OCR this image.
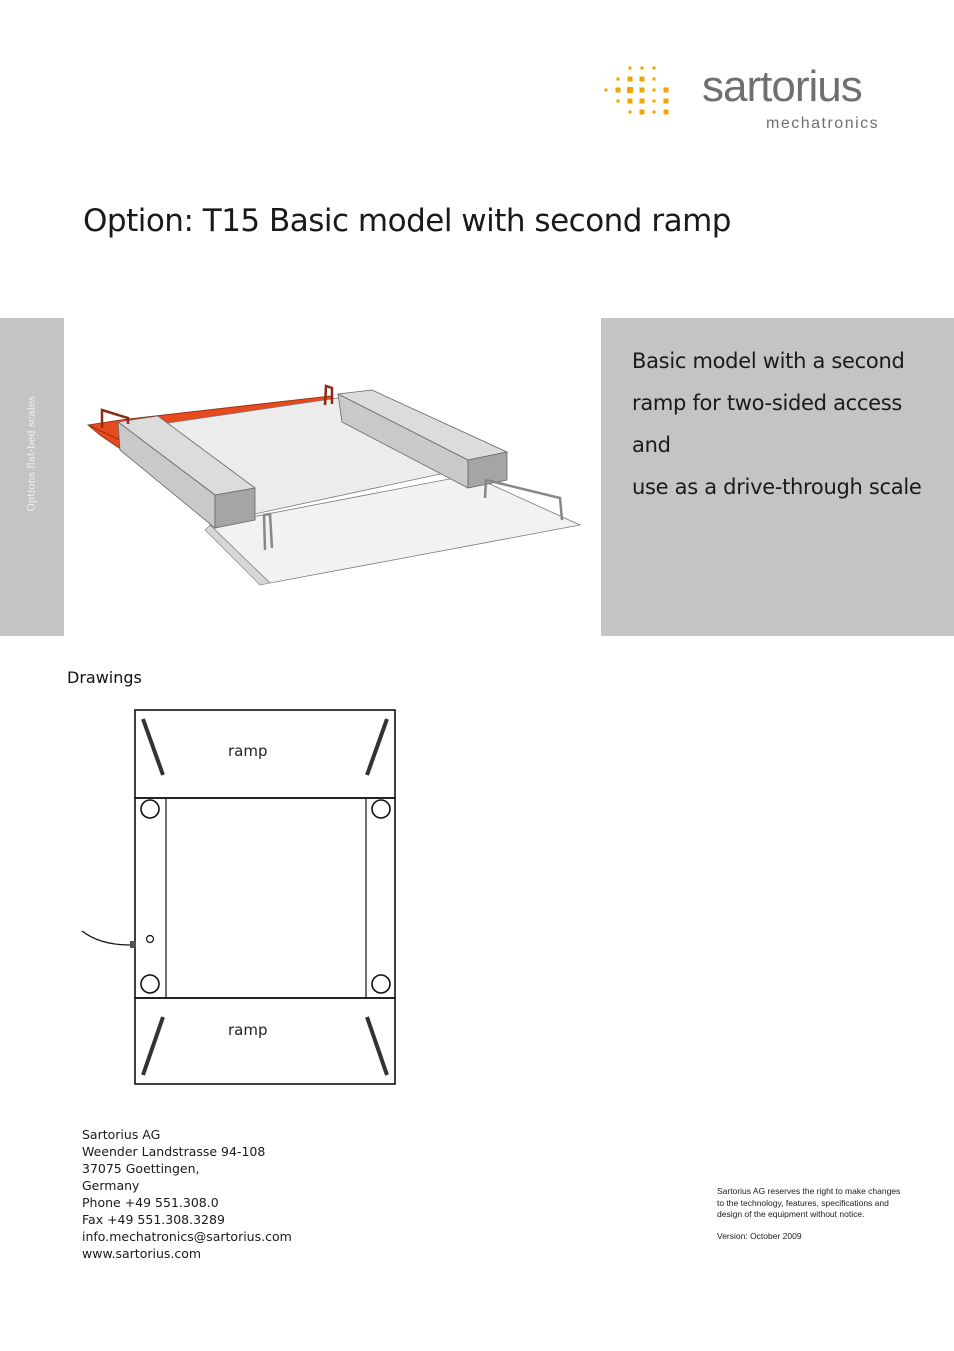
sartorius
mechatronics
Option: T15 Basic model with second ramp
Options flat-bed scales
Basic model with a second
ramp for two-sided access and
use as a drive-through scale
Drawings
ramp
ramp
Sartorius AG
Weender Landstrasse 94-108
37075 Goettingen,
Germany
Phone +49 551.308.0
Fax +49 551.308.3289
info.mechatronics@sartorius.com
www.sartorius.com
Sartorius AG reserves the right to make changes
to the technology, features, specifications and
design of the equipment without notice.
Version: October 2009
